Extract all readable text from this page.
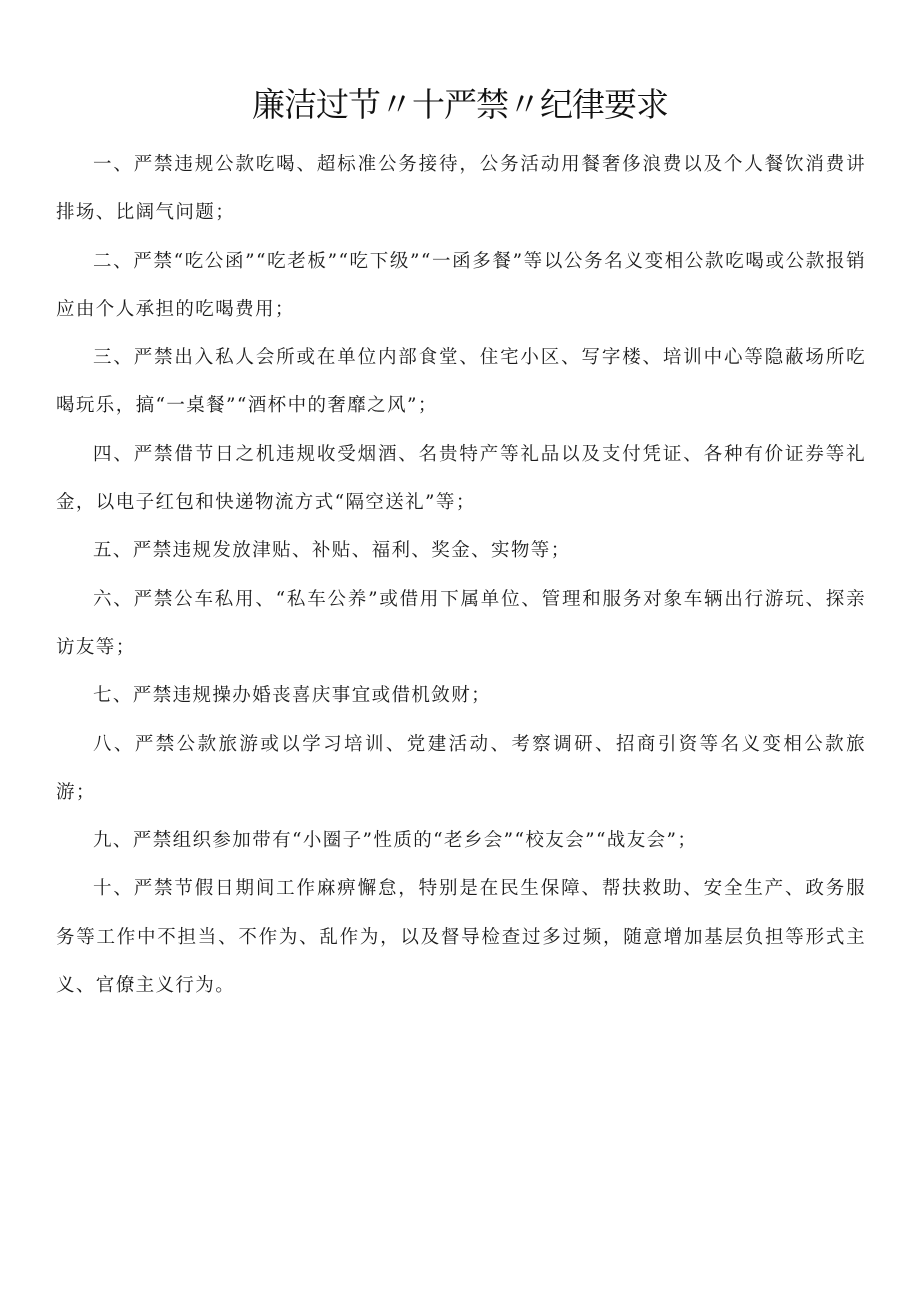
廉洁过节〃十严禁〃纪律要求

一、严禁违规公款吃喝、超标准公务接待，公务活动用餐奢侈浪费以及个人餐饮消费讲排场、比阔气问题；

二、严禁“吃公函”“吃老板”“吃下级”“一函多餐”等以公务名义变相公款吃喝或公款报销应由个人承担的吃喝费用；

三、严禁出入私人会所或在单位内部食堂、住宅小区、写字楼、培训中心等隐蔽场所吃喝玩乐，搞“一桌餐”“酒杯中的奢靡之风”；

四、严禁借节日之机违规收受烟酒、名贵特产等礼品以及支付凭证、各种有价证券等礼金，以电子红包和快递物流方式“隔空送礼”等；

五、严禁违规发放津贴、补贴、福利、奖金、实物等；

六、严禁公车私用、“私车公养”或借用下属单位、管理和服务对象车辆出行游玩、探亲访友等；

七、严禁违规操办婚丧喜庆事宜或借机敛财；

八、严禁公款旅游或以学习培训、党建活动、考察调研、招商引资等名义变相公款旅游；

九、严禁组织参加带有“小圈子”性质的“老乡会”“校友会”“战友会”；

十、严禁节假日期间工作麻痹懈怠，特别是在民生保障、帮扶救助、安全生产、政务服务等工作中不担当、不作为、乱作为，以及督导检查过多过频，随意增加基层负担等形式主义、官僚主义行为。
